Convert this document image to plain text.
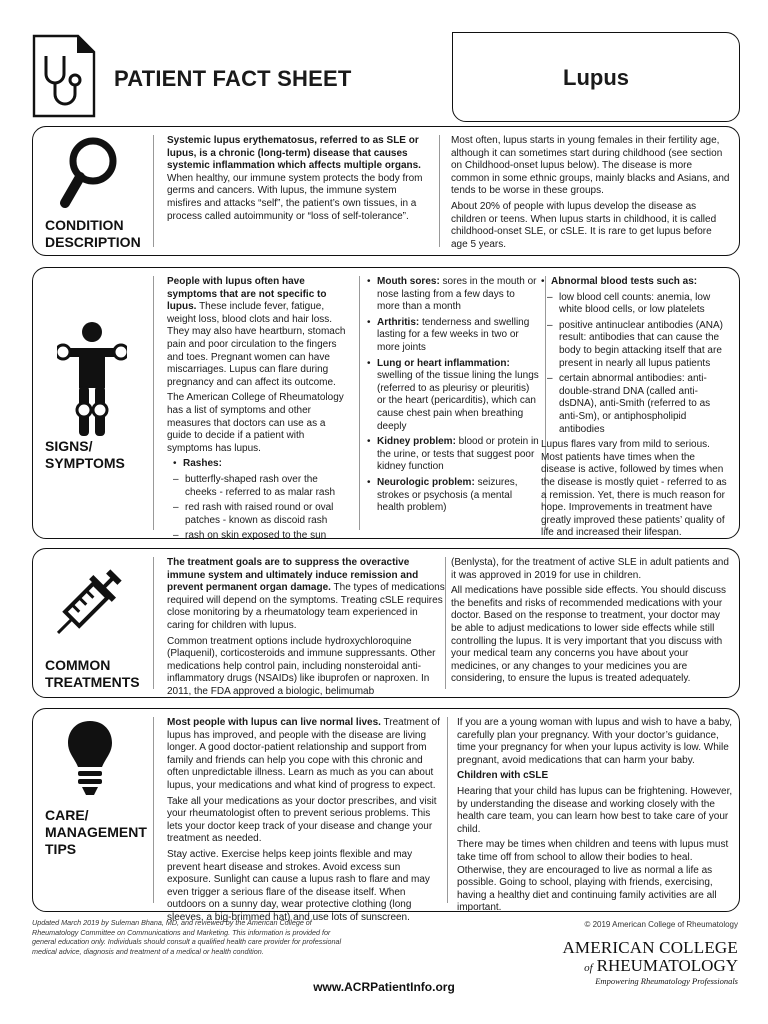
PATIENT FACT SHEET	Lupus
CONDITION
DESCRIPTION

Systemic lupus erythematosus, referred to as SLE or lupus, is a chronic (long-term) disease that causes systemic inflammation which affects multiple organs. When healthy, our immune system protects the body from germs and cancers. With lupus, the immune system misfires and attacks “self”, the patient’s own tissues, in a process called autoimmunity or “loss of self-tolerance”.

Most often, lupus starts in young females in their fertility age, although it can sometimes start during childhood (see section on Childhood-onset lupus below). The disease is more common in some ethnic groups, mainly blacks and Asians, and tends to be worse in these groups.

About 20% of people with lupus develop the disease as children or teens. When lupus starts in childhood, it is called childhood-onset SLE, or cSLE. It is rare to get lupus before age 5 years.

SIGNS/
SYMPTOMS

People with lupus often have symptoms that are not specific to lupus. These include fever, fatigue, weight loss, blood clots and hair loss. They may also have heartburn, stomach pain and poor circulation to the fingers and toes. Pregnant women can have miscarriages. Lupus can flare during pregnancy and can affect its outcome.

The American College of Rheumatology has a list of symptoms and other measures that doctors can use as a guide to decide if a patient with symptoms has lupus.

• Rashes:
– butterfly-shaped rash over the cheeks - referred to as malar rash
– red rash with raised round or oval patches - known as discoid rash
– rash on skin exposed to the sun
• Mouth sores: sores in the mouth or nose lasting from a few days to more than a month
• Arthritis: tenderness and swelling lasting for a few weeks in two or more joints
• Lung or heart inflammation: swelling of the tissue lining the lungs (referred to as pleurisy or pleuritis) or the heart (pericarditis), which can cause chest pain when breathing deeply
• Kidney problem: blood or protein in the urine, or tests that suggest poor kidney function
• Neurologic problem: seizures, strokes or psychosis (a mental health problem)
• Abnormal blood tests such as:
– low blood cell counts: anemia, low white blood cells, or low platelets
– positive antinuclear antibodies (ANA) result: antibodies that can cause the body to begin attacking itself that are present in nearly all lupus patients
– certain abnormal antibodies: anti-double-strand DNA (called anti-dsDNA), anti-Smith (referred to as anti-Sm), or antiphospholipid antibodies

Lupus flares vary from mild to serious. Most patients have times when the disease is active, followed by times when the disease is mostly quiet - referred to as a remission. Yet, there is much reason for hope. Improvements in treatment have greatly improved these patients’ quality of life and increased their lifespan.

COMMON
TREATMENTS

The treatment goals are to suppress the overactive immune system and ultimately induce remission and prevent permanent organ damage. The types of medications required will depend on the symptoms. Treating cSLE requires close monitoring by a rheumatology team experienced in caring for children with lupus.

Common treatment options include hydroxychloroquine (Plaquenil), corticosteroids and immune suppressants. Other medications help control pain, including nonsteroidal anti-inflammatory drugs (NSAIDs) like ibuprofen or naproxen. In 2011, the FDA approved a biologic, belimumab

(Benlysta), for the treatment of active SLE in adult patients and it was approved in 2019 for use in children.

All medications have possible side effects. You should discuss the benefits and risks of recommended medications with your doctor. Based on the response to treatment, your doctor may be able to adjust medications to lower side effects while still controlling the lupus. It is very important that you discuss with your medical team any concerns you have about your medicines, or any changes to your medicines you are considering, to ensure the lupus is treated adequately.

CARE/
MANAGEMENT
TIPS

Most people with lupus can live normal lives. Treatment of lupus has improved, and people with the disease are living longer. A good doctor-patient relationship and support from family and friends can help you cope with this chronic and often unpredictable illness. Learn as much as you can about lupus, your medications and what kind of progress to expect.

Take all your medications as your doctor prescribes, and visit your rheumatologist often to prevent serious problems. This lets your doctor keep track of your disease and change your treatment as needed.

Stay active. Exercise helps keep joints flexible and may prevent heart disease and strokes. Avoid excess sun exposure. Sunlight can cause a lupus rash to flare and may even trigger a serious flare of the disease itself. When outdoors on a sunny day, wear protective clothing (long sleeves, a big-brimmed hat) and use lots of sunscreen.

If you are a young woman with lupus and wish to have a baby, carefully plan your pregnancy. With your doctor’s guidance, time your pregnancy for when your lupus activity is low. While pregnant, avoid medications that can harm your baby.

Children with cSLE

Hearing that your child has lupus can be frightening. However, by understanding the disease and working closely with the health care team, you can learn how best to take care of your child.

There may be times when children and teens with lupus must take time off from school to allow their bodies to heal. Otherwise, they are encouraged to live as normal a life as possible. Going to school, playing with friends, exercising, having a healthy diet and continuing family activities are all important.

Updated March 2019 by Suleman Bhana, MD, and reviewed by the American College of Rheumatology Committee on Communications and Marketing. This information is provided for general education only. Individuals should consult a qualified health care provider for professional medical advice, diagnosis and treatment of a medical or health condition.
© 2019 American College of Rheumatology
AMERICAN COLLEGE
of RHEUMATOLOGY
Empowering Rheumatology Professionals
www.ACRPatientInfo.org
